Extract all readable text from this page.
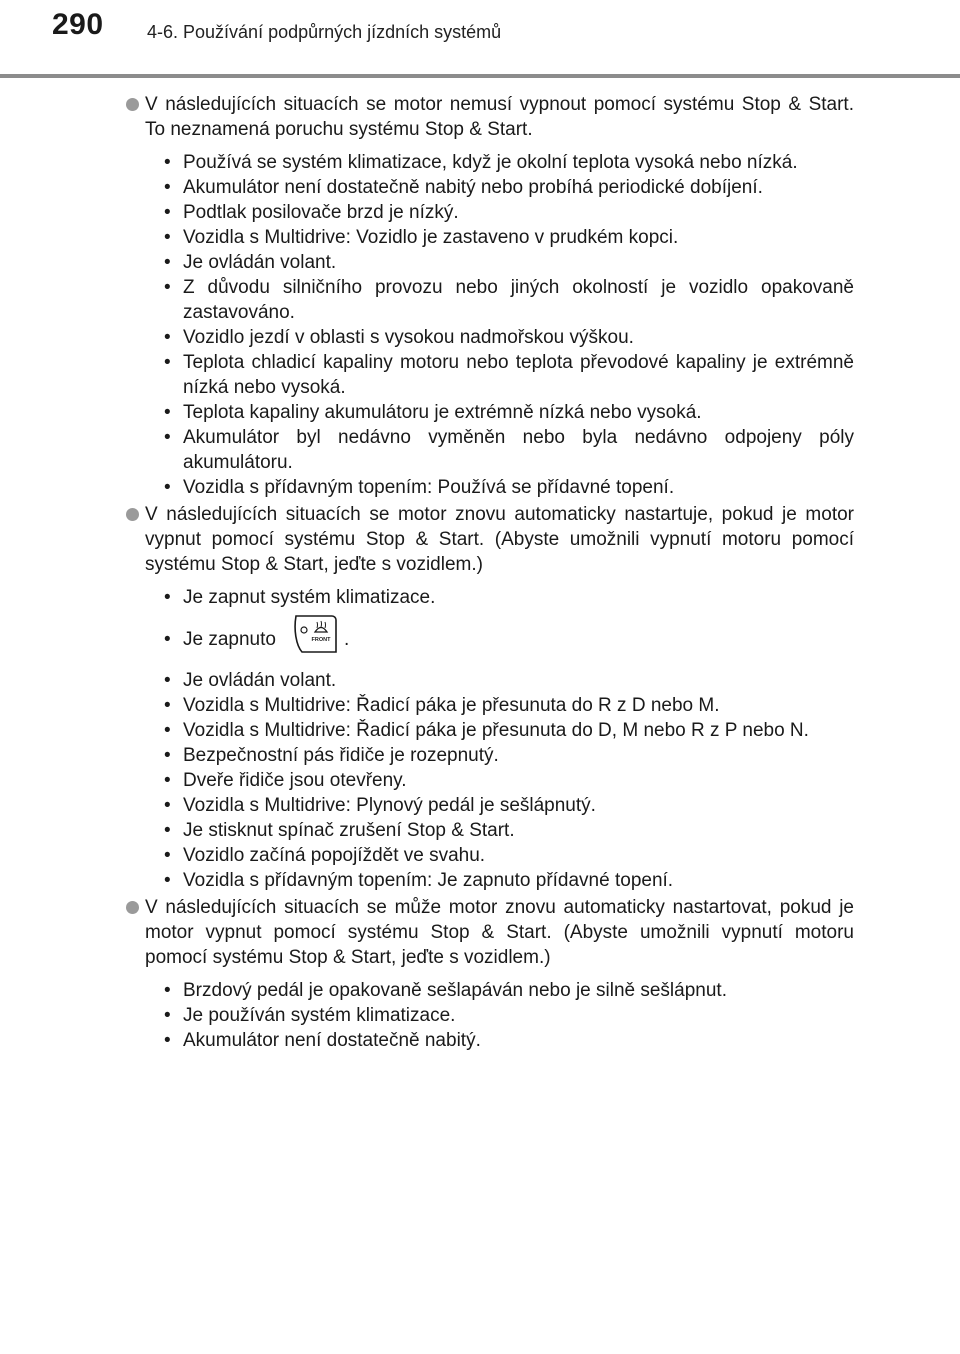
290 4-6. Používání podpůrných jízdních systémů

V následujících situacích se motor nemusí vypnout pomocí systému Stop & Start. To neznamená poruchu systému Stop & Start.

• Používá se systém klimatizace, když je okolní teplota vysoká nebo nízká.
• Akumulátor není dostatečně nabitý nebo probíhá periodické dobíjení.
• Podtlak posilovače brzd je nízký.
• Vozidla s Multidrive: Vozidlo je zastaveno v prudkém kopci.
• Je ovládán volant.
• Z důvodu silničního provozu nebo jiných okolností je vozidlo opakovaně zastavováno.
• Vozidlo jezdí v oblasti s vysokou nadmořskou výškou.
• Teplota chladicí kapaliny motoru nebo teplota převodové kapaliny je extrémně nízká nebo vysoká.
• Teplota kapaliny akumulátoru je extrémně nízká nebo vysoká.
• Akumulátor byl nedávno vyměněn nebo byla nedávno odpojeny póly akumulátoru.
• Vozidla s přídavným topením: Používá se přídavné topení.

V následujících situacích se motor znovu automaticky nastartuje, pokud je motor vypnut pomocí systému Stop & Start. (Abyste umožnili vypnutí motoru pomocí systému Stop & Start, jeďte s vozidlem.)

• Je zapnut systém klimatizace.
• Je zapnuto	FRONT .
• Je ovládán volant.
• Vozidla s Multidrive: Řadicí páka je přesunuta do R z D nebo M.
• Vozidla s Multidrive: Řadicí páka je přesunuta do D, M nebo R z P nebo N.
• Bezpečnostní pás řidiče je rozepnutý.
• Dveře řidiče jsou otevřeny.
• Vozidla s Multidrive: Plynový pedál je sešlápnutý.
• Je stisknut spínač zrušení Stop & Start.
• Vozidlo začíná popojíždět ve svahu.
• Vozidla s přídavným topením: Je zapnuto přídavné topení.

V následujících situacích se může motor znovu automaticky nastartovat, pokud je motor vypnut pomocí systému Stop & Start. (Abyste umožnili vypnutí motoru pomocí systému Stop & Start, jeďte s vozidlem.)

• Brzdový pedál je opakovaně sešlapáván nebo je silně sešlápnut.
• Je používán systém klimatizace.
• Akumulátor není dostatečně nabitý.
